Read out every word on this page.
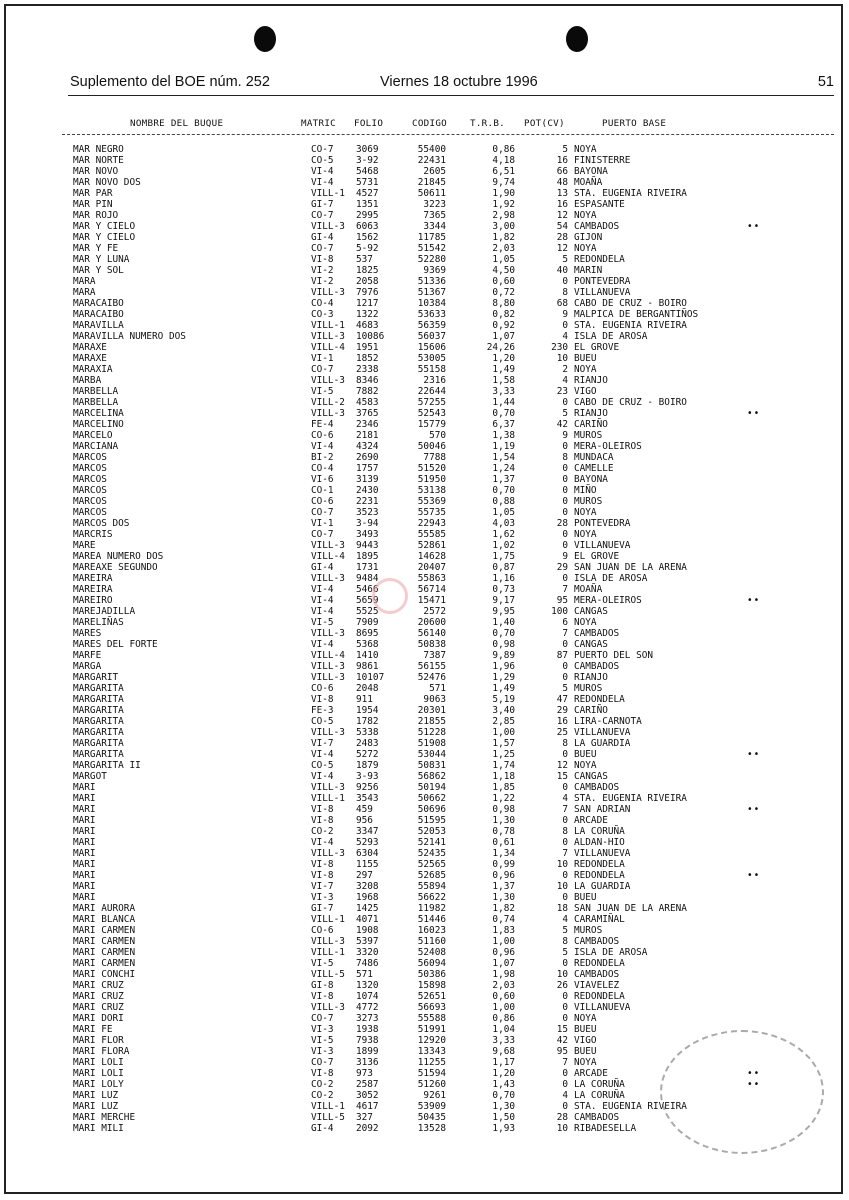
Suplemento del BOE núm. 252	Viernes 18 octubre 1996	51
NOMBRE DEL BUQUE	MATRIC FOLIO	CODIGO	T.R.B. POT(CV)	PUERTO BASE
MAR NEGRO	CO-7 3069	55400	0,86	5 NOYA
MAR NORTE	CO-5 3-92	22431	4,18	16 FINISTERRE
MAR NOVO	VI-4 5468	2605	6,51	66 BAYONA
MAR NOVO DOS	VI-4 5731	21845	9,74	48 MOAÑA
MAR PAR	VILL-1 4527	50611	1,90	13 STA. EUGENIA RIVEIRA
MAR PIN	GI-7 1351	3223	1,92	16 ESPASANTE
MAR ROJO	CO-7 2995	7365	2,98	12 NOYA
MAR Y CIELO	VILL-3 6063	3344	3,00	54 CAMBADOS	••
MAR Y CIELO	GI-4 1562	11785	1,82	28 GIJON
MAR Y FE	CO-7 5-92	51542	2,03	12 NOYA
MAR Y LUNA	VI-8 537	52280	1,05	5 REDONDELA
MAR Y SOL	VI-2 1825	9369	4,50	40 MARIN
MARA	VI-2 2058	51336	0,60	0 PONTEVEDRA
MARA	VILL-3 7976	51367	0,72	8 VILLANUEVA
MARACAIBO	CO-4 1217	10384	8,80	68 CABO DE CRUZ - BOIRO
MARACAIBO	CO-3 1322	53633	0,82	9 MALPICA DE BERGANTIÑOS
MARAVILLA	VILL-1 4683	56359	0,92	0 STA. EUGENIA RIVEIRA
MARAVILLA NUMERO DOS	VILL-3 10086	56037	1,07	4 ISLA DE AROSA
MARAXE	VILL-4 1951	15606	24,26	230 EL GROVE
MARAXE	VI-1 1852	53005	1,20	10 BUEU
MARAXIA	CO-7 2338	55158	1,49	2 NOYA
MARBA	VILL-3 8346	2316	1,58	4 RIANJO
MARBELLA	VI-5 7882	22644	3,33	23 VIGO
MARBELLA	VILL-2 4583	57255	1,44	0 CABO DE CRUZ - BOIRO
MARCELINA	VILL-3 3765	52543	0,70	5 RIANJO	••
MARCELINO	FE-4 2346	15779	6,37	42 CARIÑO
MARCELO	CO-6 2181	570	1,38	9 MUROS
MARCIANA	VI-4 4324	50046	1,19	0 MERA-OLEIROS
MARCOS	BI-2 2690	7788	1,54	8 MUNDACA
MARCOS	CO-4 1757	51520	1,24	0 CAMELLE
MARCOS	VI-6 3139	51950	1,37	0 BAYONA
MARCOS	CO-1 2430	53138	0,70	0 MIÑO
MARCOS	CO-6 2231	55369	0,88	0 MUROS
MARCOS	CO-7 3523	55735	1,05	0 NOYA
MARCOS DOS	VI-1 3-94	22943	4,03	28 PONTEVEDRA
MARCRIS	CO-7 3493	55585	1,62	0 NOYA
MARE	VILL-3 9443	52861	1,02	0 VILLANUEVA
MAREA NUMERO DOS	VILL-4 1895	14628	1,75	9 EL GROVE
MAREAXE SEGUNDO	GI-4 1731	20407	0,87	29 SAN JUAN DE LA ARENA
MAREIRA	VILL-3 9484	55863	1,16	0 ISLA DE AROSA
MAREIRA	VI-4 5466	56714	0,73	7 MOAÑA
MAREIRO	VI-4 5659	15471	9,17	95 MERA-OLEIROS	••
MAREJADILLA	VI-4 5525	2572	9,95	100 CANGAS
MARELIÑAS	VI-5 7909	20600	1,40	6 NOYA
MARES	VILL-3 8695	56140	0,70	7 CAMBADOS
MARES DEL FORTE	VI-4 5368	50838	0,98	0 CANGAS
MARFE	VILL-4 1410	7387	9,89	87 PUERTO DEL SON
MARGA	VILL-3 9861	56155	1,96	0 CAMBADOS
MARGARIT	VILL-3 10107	52476	1,29	0 RIANJO
MARGARITA	CO-6 2048	571	1,49	5 MUROS
MARGARITA	VI-8 911	9063	5,19	47 REDONDELA
MARGARITA	FE-3 1954	20301	3,40	29 CARIÑO
MARGARITA	CO-5 1782	21855	2,85	16 LIRA-CARNOTA
MARGARITA	VILL-3 5338	51228	1,00	25 VILLANUEVA
MARGARITA	VI-7 2483	51908	1,57	8 LA GUARDIA
MARGARITA	VI-4 5272	53044	1,25	0 BUEU	••
MARGARITA II	CO-5 1879	50831	1,74	12 NOYA
MARGOT	VI-4 3-93	56862	1,18	15 CANGAS
MARI	VILL-3 9256	50194	1,85	0 CAMBADOS
MARI	VILL-1 3543	50662	1,22	4 STA. EUGENIA RIVEIRA
MARI	VI-8 459	50696	0,98	7 SAN ADRIAN	••
MARI	VI-8 956	51595	1,30	0 ARCADE
MARI	CO-2 3347	52053	0,78	8 LA CORUÑA
MARI	VI-4 5293	52141	0,61	0 ALDAN-HIO
MARI	VILL-3 6304	52435	1,34	7 VILLANUEVA
MARI	VI-8 1155	52565	0,99	10 REDONDELA
MARI	VI-8 297	52685	0,96	0 REDONDELA	••
MARI	VI-7 3208	55894	1,37	10 LA GUARDIA
MARI	VI-3 1968	56622	1,30	0 BUEU
MARI AURORA	GI-7 1425	11982	1,82	18 SAN JUAN DE LA ARENA
MARI BLANCA	VILL-1 4071	51446	0,74	4 CARAMIÑAL
MARI CARMEN	CO-6 1908	16023	1,83	5 MUROS
MARI CARMEN	VILL-3 5397	51160	1,00	8 CAMBADOS
MARI CARMEN	VILL-1 3320	52408	0,96	5 ISLA DE AROSA
MARI CARMEN	VI-5 7486	56094	1,07	0 REDONDELA
MARI CONCHI	VILL-5 571	50386	1,98	10 CAMBADOS
MARI CRUZ	GI-8 1320	15898	2,03	26 VIAVELEZ
MARI CRUZ	VI-8 1074	52651	0,60	0 REDONDELA
MARI CRUZ	VILL-3 4772	56693	1,00	0 VILLANUEVA
MARI DORI	CO-7 3273	55588	0,86	0 NOYA
MARI FE	VI-3 1938	51991	1,04	15 BUEU
MARI FLOR	VI-5 7938	12920	3,33	42 VIGO
MARI FLORA	VI-3 1899	13343	9,68	95 BUEU
MARI LOLI	CO-7 3136	11255	1,17	7 NOYA
MARI LOLI	VI-8 973	51594	1,20	0 ARCADE	••
MARI LOLY	CO-2 2587	51260	1,43	0 LA CORUÑA	••
MARI LUZ	CO-2 3052	9261	0,70	4 LA CORUÑA
MARI LUZ	VILL-1 4617	53909	1,30	0 STA. EUGENIA RIVEIRA
MARI MERCHE	VILL-5 327	50435	1,50	28 CAMBADOS
MARI MILI	GI-4 2092	13528	1,93	10 RIBADESELLA
